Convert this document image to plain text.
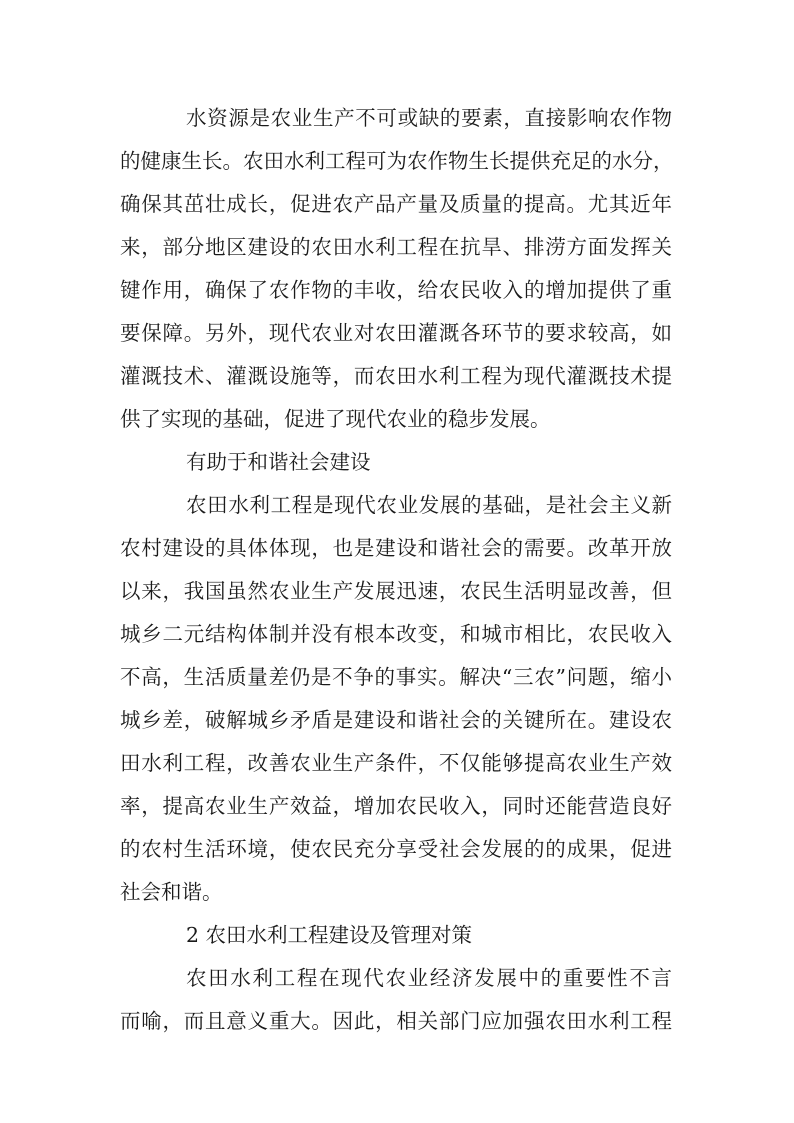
水资源是农业生产不可或缺的要素，直接影响农作物
的健康生长。农田水利工程可为农作物生长提供充足的水分，
确保其茁壮成长，促进农产品产量及质量的提高。尤其近年
来，部分地区建设的农田水利工程在抗旱、排涝方面发挥关
键作用，确保了农作物的丰收，给农民收入的增加提供了重
要保障。另外，现代农业对农田灌溉各环节的要求较高，如
灌溉技术、灌溉设施等，而农田水利工程为现代灌溉技术提
供了实现的基础，促进了现代农业的稳步发展。
有助于和谐社会建设
农田水利工程是现代农业发展的基础，是社会主义新
农村建设的具体体现，也是建设和谐社会的需要。改革开放
以来，我国虽然农业生产发展迅速，农民生活明显改善，但
城乡二元结构体制并没有根本改变，和城市相比，农民收入
不高，生活质量差仍是不争的事实。解决“三农”问题，缩小
城乡差，破解城乡矛盾是建设和谐社会的关键所在。建设农
田水利工程，改善农业生产条件，不仅能够提高农业生产效
率，提高农业生产效益，增加农民收入，同时还能营造良好
的农村生活环境，使农民充分享受社会发展的的成果，促进
社会和谐。
2 农田水利工程建设及管理对策
农田水利工程在现代农业经济发展中的重要性不言
而喻，而且意义重大。因此，相关部门应加强农田水利工程
